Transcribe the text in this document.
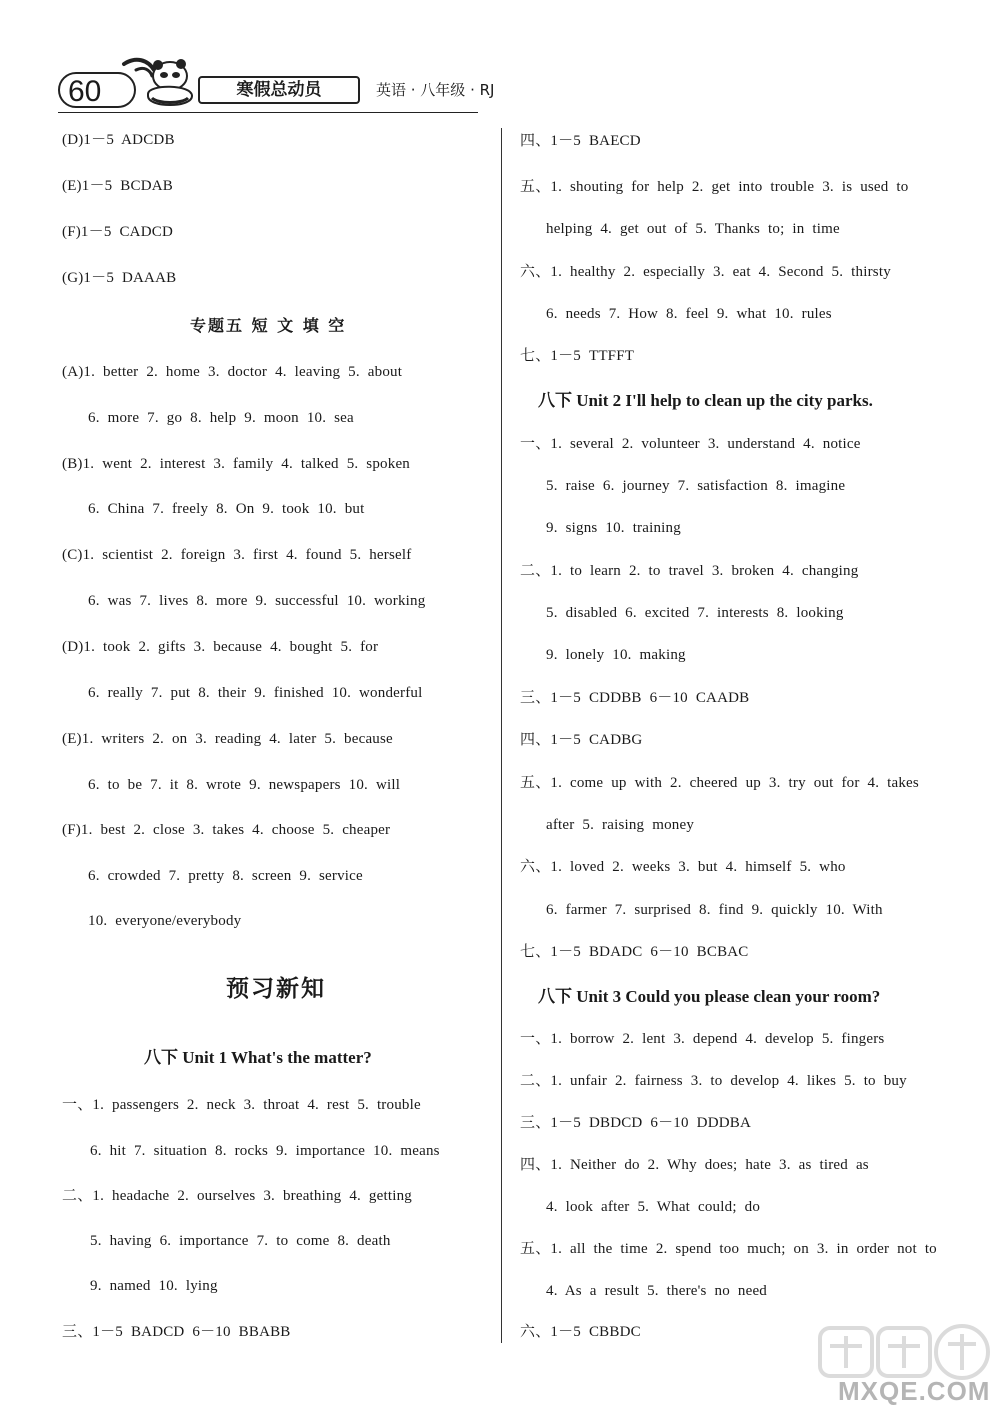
60	寒假总动员	英语 · 八年级 · RJ
(D)1－5 ADCDB
(E)1－5 BCDAB
(F)1－5 CADCD
(G)1－5 DAAAB
专题五 短 文 填 空
(A)1. better 2. home 3. doctor 4. leaving 5. about
6. more 7. go 8. help 9. moon 10. sea
(B)1. went 2. interest 3. family 4. talked 5. spoken
6. China 7. freely 8. On 9. took 10. but
(C)1. scientist 2. foreign 3. first 4. found 5. herself
6. was 7. lives 8. more 9. successful 10. working
(D)1. took 2. gifts 3. because 4. bought 5. for
6. really 7. put 8. their 9. finished 10. wonderful
(E)1. writers 2. on 3. reading 4. later 5. because
6. to be 7. it 8. wrote 9. newspapers 10. will
(F)1. best 2. close 3. takes 4. choose 5. cheaper
6. crowded 7. pretty 8. screen 9. service
10. everyone/everybody
预习新知
八下 Unit 1 What's the matter?
一、1. passengers 2. neck 3. throat 4. rest 5. trouble
6. hit 7. situation 8. rocks 9. importance 10. means
二、1. headache 2. ourselves 3. breathing 4. getting
5. having 6. importance 7. to come 8. death
9. named 10. lying
三、1－5 BADCD 6－10 BBABB
四、1－5 BAECD
五、1. shouting for help 2. get into trouble 3. is used to
helping 4. get out of 5. Thanks to; in time
六、1. healthy 2. especially 3. eat 4. Second 5. thirsty
6. needs 7. How 8. feel 9. what 10. rules
七、1－5 TTFFT
八下 Unit 2 I'll help to clean up the city parks.
一、1. several 2. volunteer 3. understand 4. notice
5. raise 6. journey 7. satisfaction 8. imagine
9. signs 10. training
二、1. to learn 2. to travel 3. broken 4. changing
5. disabled 6. excited 7. interests 8. looking
9. lonely 10. making
三、1－5 CDDBB 6－10 CAADB
四、1－5 CADBG
五、1. come up with 2. cheered up 3. try out for 4. takes
after 5. raising money
六、1. loved 2. weeks 3. but 4. himself 5. who
6. farmer 7. surprised 8. find 9. quickly 10. With
七、1－5 BDADC 6－10 BCBAC
八下 Unit 3 Could you please clean your room?
一、1. borrow 2. lent 3. depend 4. develop 5. fingers
二、1. unfair 2. fairness 3. to develop 4. likes 5. to buy
三、1－5 DBDCD 6－10 DDDBA
四、1. Neither do 2. Why does; hate 3. as tired as
4. look after 5. What could; do
五、1. all the time 2. spend too much; on 3. in order not to
4. As a result 5. there's no need
六、1－5 CBBDC
MXQE.COM
